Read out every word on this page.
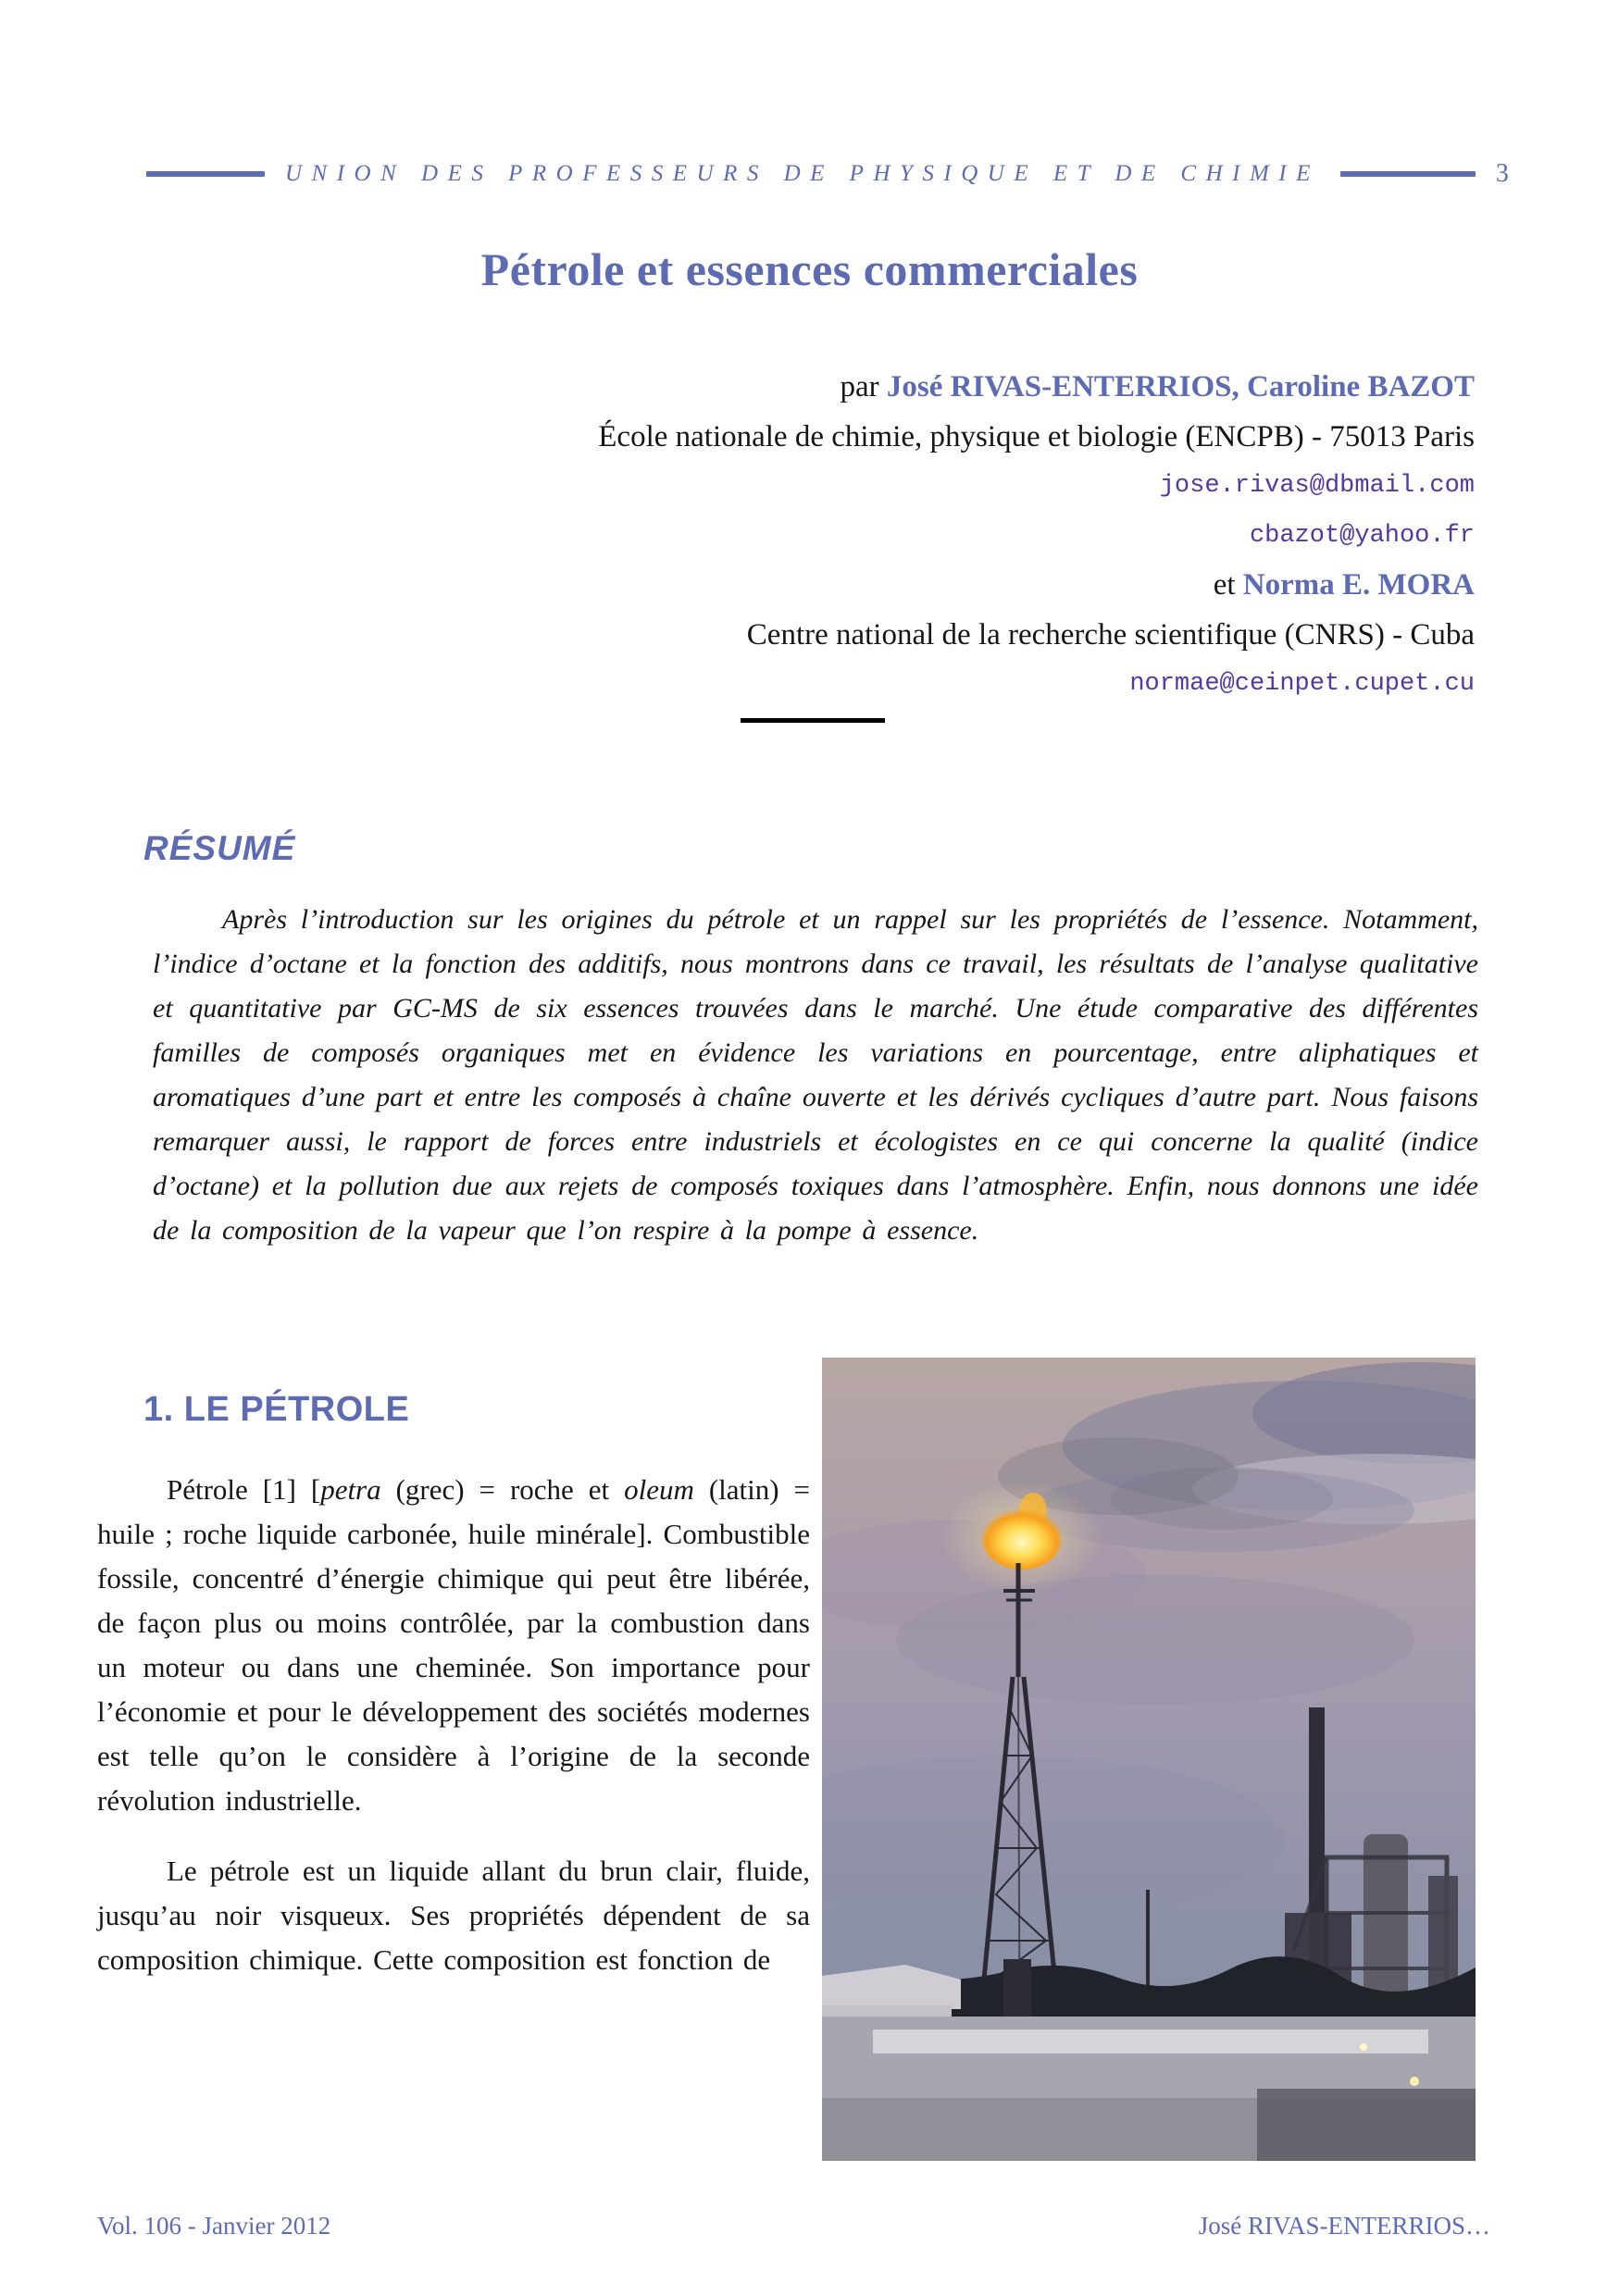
UNION DES PROFESSEURS DE PHYSIQUE ET DE CHIMIE	3
Pétrole et essences commerciales
par José RIVAS-ENTERRIOS, Caroline BAZOT
École nationale de chimie, physique et biologie (ENCPB) - 75013 Paris
jose.rivas@dbmail.com
cbazot@yahoo.fr
et Norma E. MORA
Centre national de la recherche scientifique (CNRS) - Cuba
normae@ceinpet.cupet.cu
RÉSUMÉ

Après l’introduction sur les origines du pétrole et un rappel sur les propriétés de l’essence. Notamment, l’indice d’octane et la fonction des additifs, nous montrons dans ce travail, les résultats de l’analyse qualitative et quantitative par GC-MS de six essences trouvées dans le marché. Une étude comparative des différentes familles de composés organiques met en évidence les variations en pourcentage, entre aliphatiques et aromatiques d’une part et entre les composés à chaîne ouverte et les dérivés cycliques d’autre part. Nous faisons remarquer aussi, le rapport de forces entre industriels et écologistes en ce qui concerne la qualité (indice d’octane) et la pollution due aux rejets de composés toxiques dans l’atmosphère. Enfin, nous donnons une idée de la composition de la vapeur que l’on respire à la pompe à essence.

1. LE PÉTROLE

Pétrole [1] [petra (grec) = roche et oleum (latin) = huile ; roche liquide carbonée, huile minérale]. Combustible fossile, concentré d’énergie chimique qui peut être libérée, de façon plus ou moins contrôlée, par la combustion dans un moteur ou dans une cheminée. Son importance pour l’économie et pour le développement des sociétés modernes est telle qu’on le considère à l’origine de la seconde révolution industrielle.

Le pétrole est un liquide allant du brun clair, fluide, jusqu’au noir visqueux. Ses propriétés dépendent de sa composition chimique. Cette composition est fonction de

Vol. 106 - Janvier 2012	José RIVAS-ENTERRIOS…
